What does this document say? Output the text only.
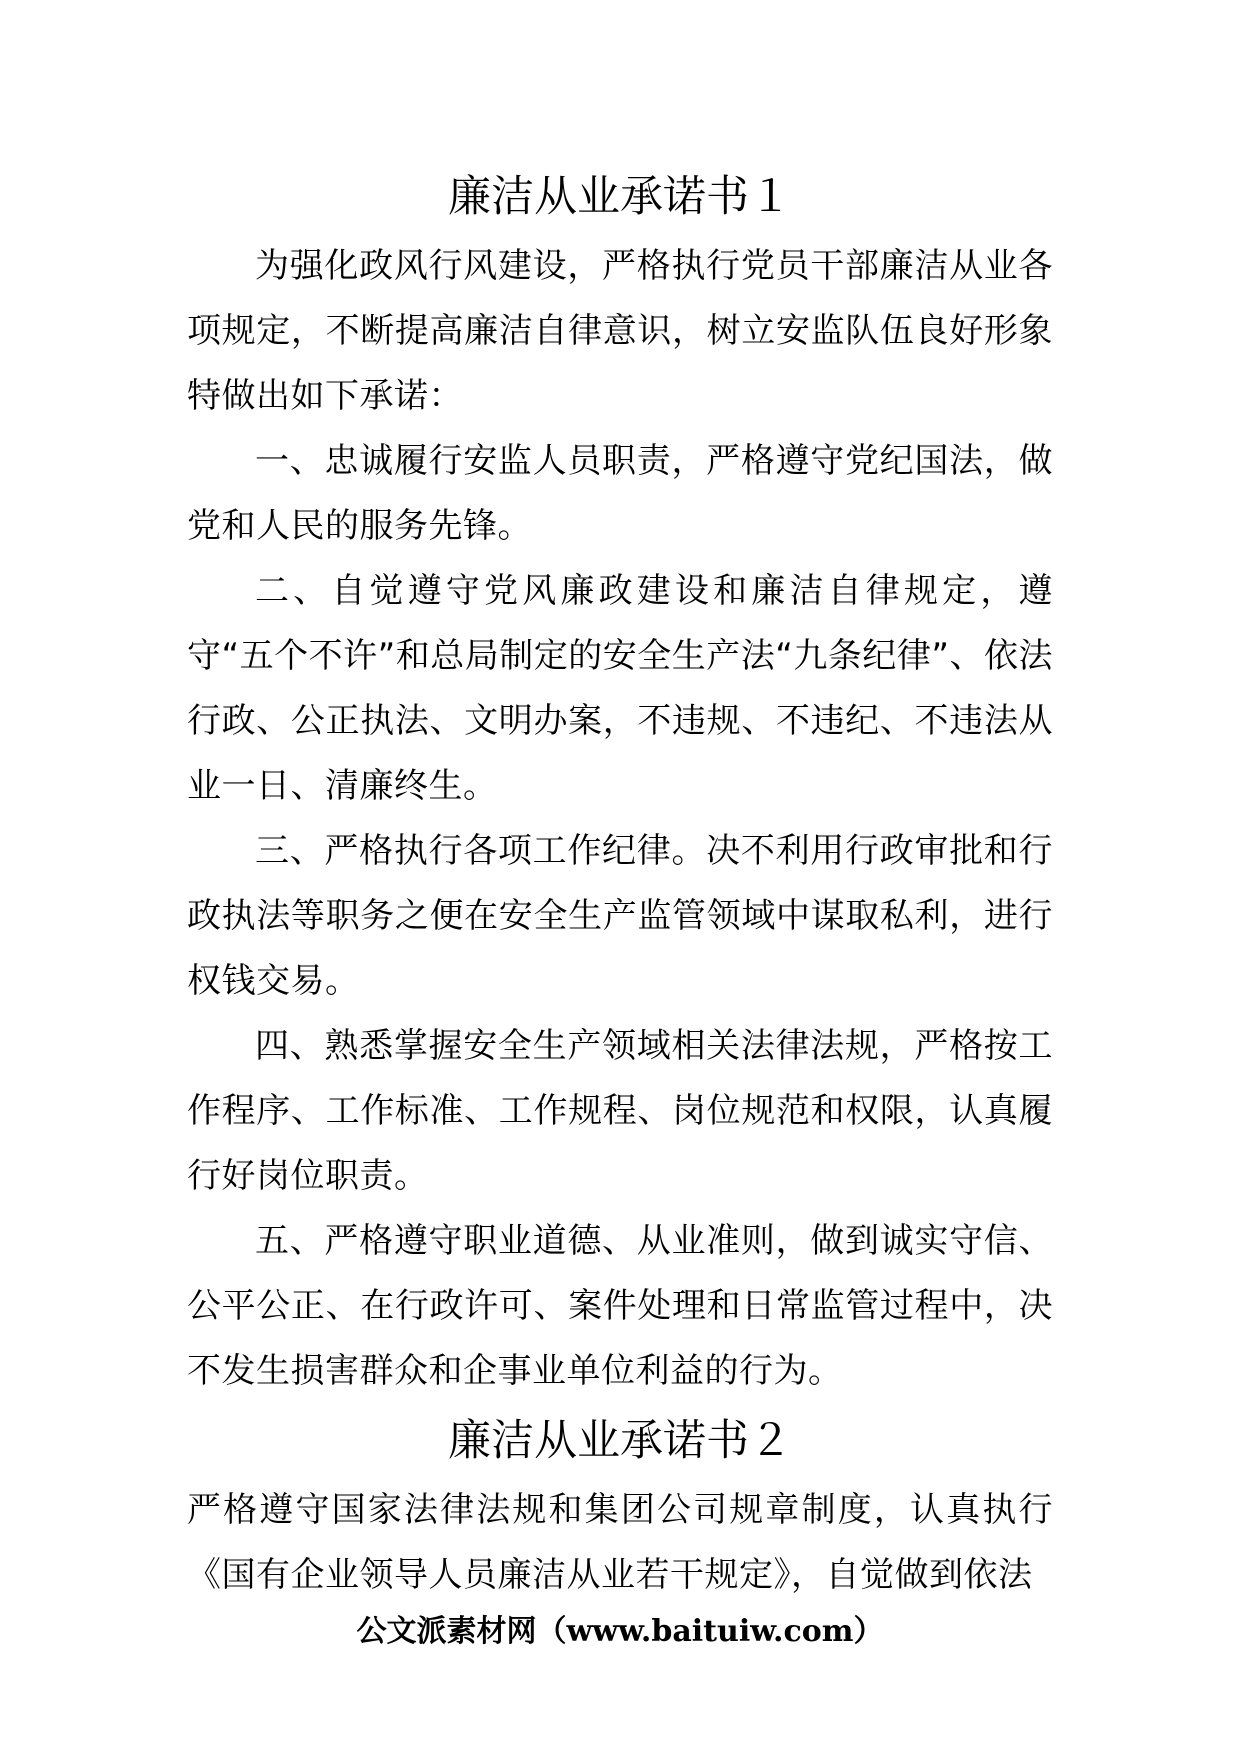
廉洁从业承诺书１

为强化政风行风建设，严格执行党员干部廉洁从业各项规定，不断提高廉洁自律意识，树立安监队伍良好形象特做出如下承诺：

一、忠诚履行安监人员职责，严格遵守党纪国法，做党和人民的服务先锋。

二、自觉遵守党风廉政建设和廉洁自律规定，遵守“五个不许”和总局制定的安全生产法“九条纪律”、依法行政、公正执法、文明办案，不违规、不违纪、不违法从业一日、清廉终生。

三、严格执行各项工作纪律。决不利用行政审批和行政执法等职务之便在安全生产监管领域中谋取私利，进行权钱交易。

四、熟悉掌握安全生产领域相关法律法规，严格按工作程序、工作标准、工作规程、岗位规范和权限，认真履行好岗位职责。

五、严格遵守职业道德、从业准则，做到诚实守信、公平公正、在行政许可、案件处理和日常监管过程中，决不发生损害群众和企事业单位利益的行为。

廉洁从业承诺书２

严格遵守国家法律法规和集团公司规章制度，认真执行《国有企业领导人员廉洁从业若干规定》，自觉做到依法

公文派素材网（www.baituiw.com）
